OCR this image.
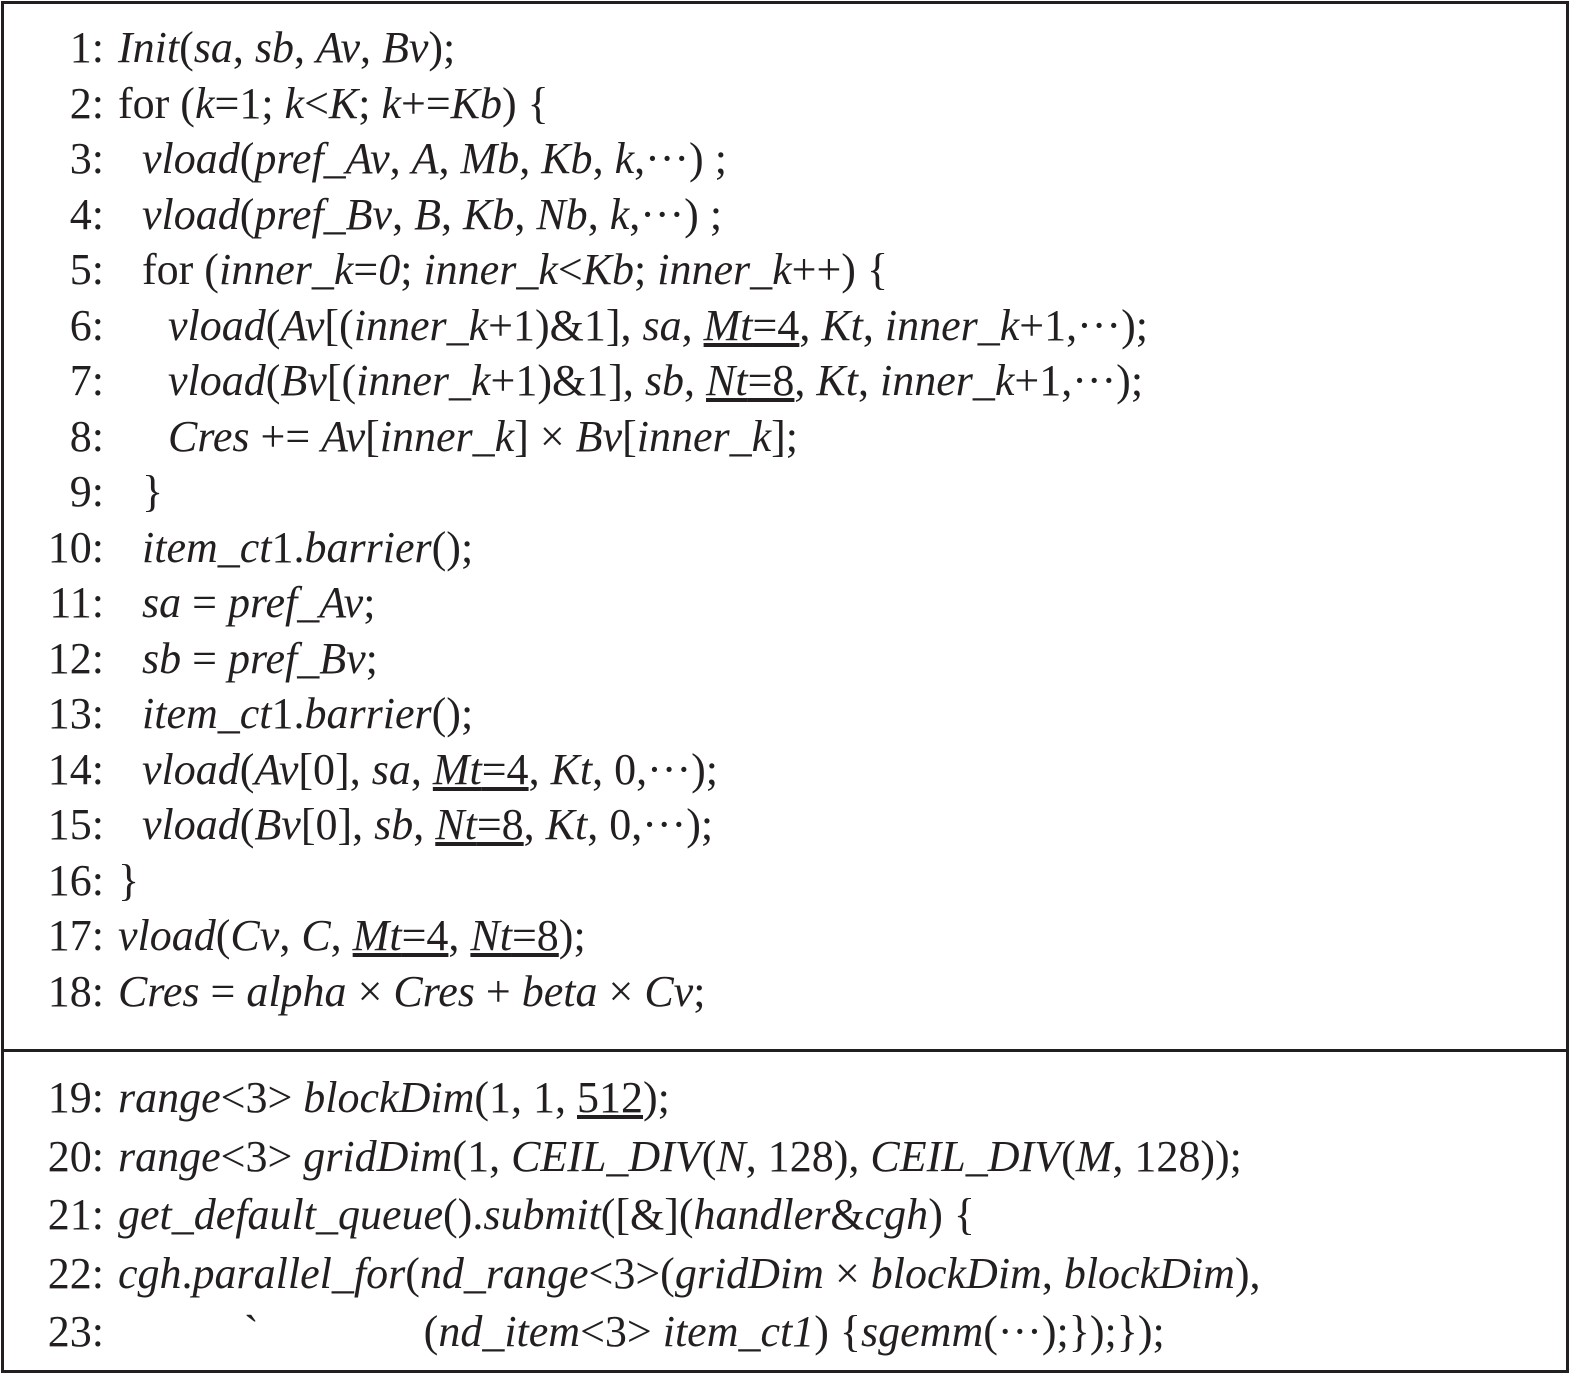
1: Init(sa, sb, Av, Bv);
2: for (k=1; k<K; k+=Kb) {
3: vload(pref_Av, A, Mb, Kb, k,···) ;
4: vload(pref_Bv, B, Kb, Nb, k,···) ;
5: for (inner_k=0; inner_k<Kb; inner_k++) {
6: vload(Av[(inner_k+1)&1], sa, Mt=4, Kt, inner_k+1,···);
7: vload(Bv[(inner_k+1)&1], sb, Nt=8, Kt, inner_k+1,···);
8: Cres += Av[inner_k] × Bv[inner_k];
9: }
10: item_ct1.barrier();
11: sa = pref_Av;
12: sb = pref_Bv;
13: item_ct1.barrier();
14: vload(Av[0], sa, Mt=4, Kt, 0,···);
15: vload(Bv[0], sb, Nt=8, Kt, 0,···);
16: }
17: vload(Cv, C, Mt=4, Nt=8);
18: Cres = alpha × Cres + beta × Cv;
19: range<3> blockDim(1, 1, 512);
20: range<3> gridDim(1, CEIL_DIV(N, 128), CEIL_DIV(M, 128));
21: get_default_queue().submit([&](handler&cgh) {
22: cgh.parallel_for(nd_range<3>(gridDim × blockDim, blockDim),
23:	`               (nd_item<3> item_ct1) {sgemm(···);});});
